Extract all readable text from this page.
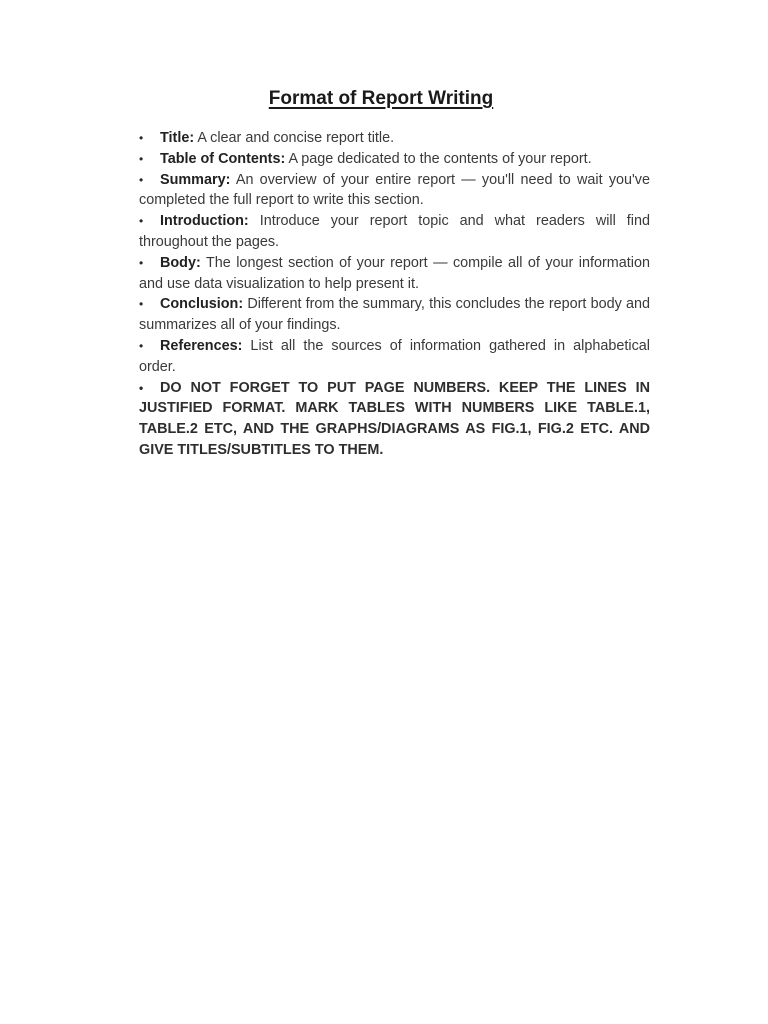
Format of Report Writing
• Title: A clear and concise report title.
• Table of Contents: A page dedicated to the contents of your report.
• Summary: An overview of your entire report — you'll need to wait you've completed the full report to write this section.
• Introduction: Introduce your report topic and what readers will find throughout the pages.
• Body: The longest section of your report — compile all of your information and use data visualization to help present it.
• Conclusion: Different from the summary, this concludes the report body and summarizes all of your findings.
• References: List all the sources of information gathered in alphabetical order.
• DO NOT FORGET TO PUT PAGE NUMBERS. KEEP THE LINES IN JUSTIFIED FORMAT. MARK TABLES WITH NUMBERS LIKE TABLE.1, TABLE.2 ETC, AND THE GRAPHS/DIAGRAMS AS FIG.1, FIG.2 ETC. AND GIVE TITLES/SUBTITLES TO THEM.
